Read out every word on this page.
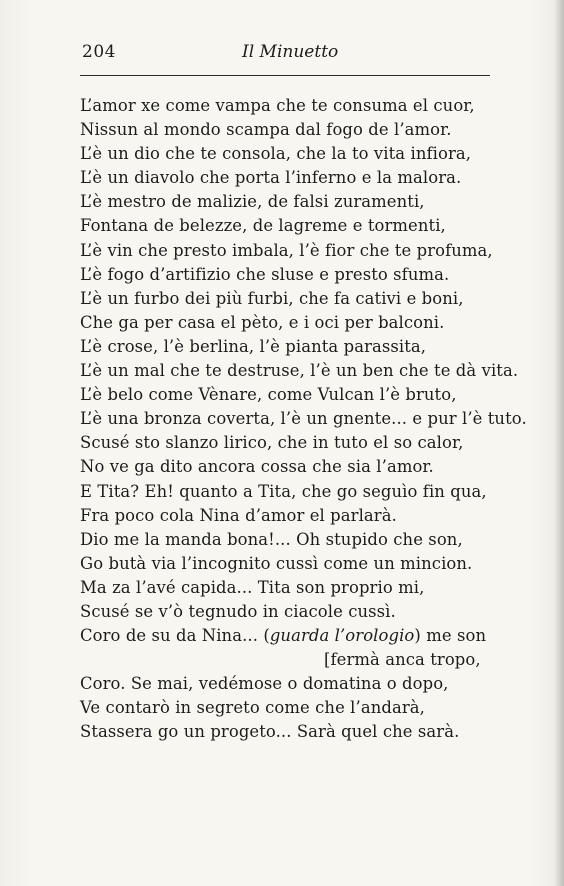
204	Il Minuetto
L’amor xe come vampa che te consuma el cuor,
Nissun al mondo scampa dal fogo de l’amor.
L’è un dio che te consola, che la to vita infiora,
L’è un diavolo che porta l’inferno e la malora.
L’è mestro de malizie, de falsi zuramenti,
Fontana de belezze, de lagreme e tormenti,
L’è vin che presto imbala, l’è fior che te profuma,
L’è fogo d’artifizio che sluse e presto sfuma.
L’è un furbo dei più furbi, che fa cativi e boni,
Che ga per casa el pèto, e i oci per balconi.
L’è crose, l’è berlina, l’è pianta parassita,
L’è un mal che te destruse, l’è un ben che te dà vita.
L’è belo come Vènare, come Vulcan l’è bruto,
L’è una bronza coverta, l’è un gnente... e pur l’è tuto.
Scusé sto slanzo lirico, che in tuto el so calor,
No ve ga dito ancora cossa che sia l’amor.
E Tita? Eh! quanto a Tita, che go seguìo fin qua,
Fra poco cola Nina d’amor el parlarà.
Dio me la manda bona!... Oh stupido che son,
Go butà via l’incognito cussì come un mincion.
Ma za l’avé capida... Tita son proprio mi,
Scusé se v’ò tegnudo in ciacole cussì.
Coro de su da Nina... (guarda l’orologio) me son
[fermà anca tropo,
Coro. Se mai, vedémose o domatina o dopo,
Ve contarò in segreto come che l’andarà,
Stassera go un progeto... Sarà quel che sarà.
